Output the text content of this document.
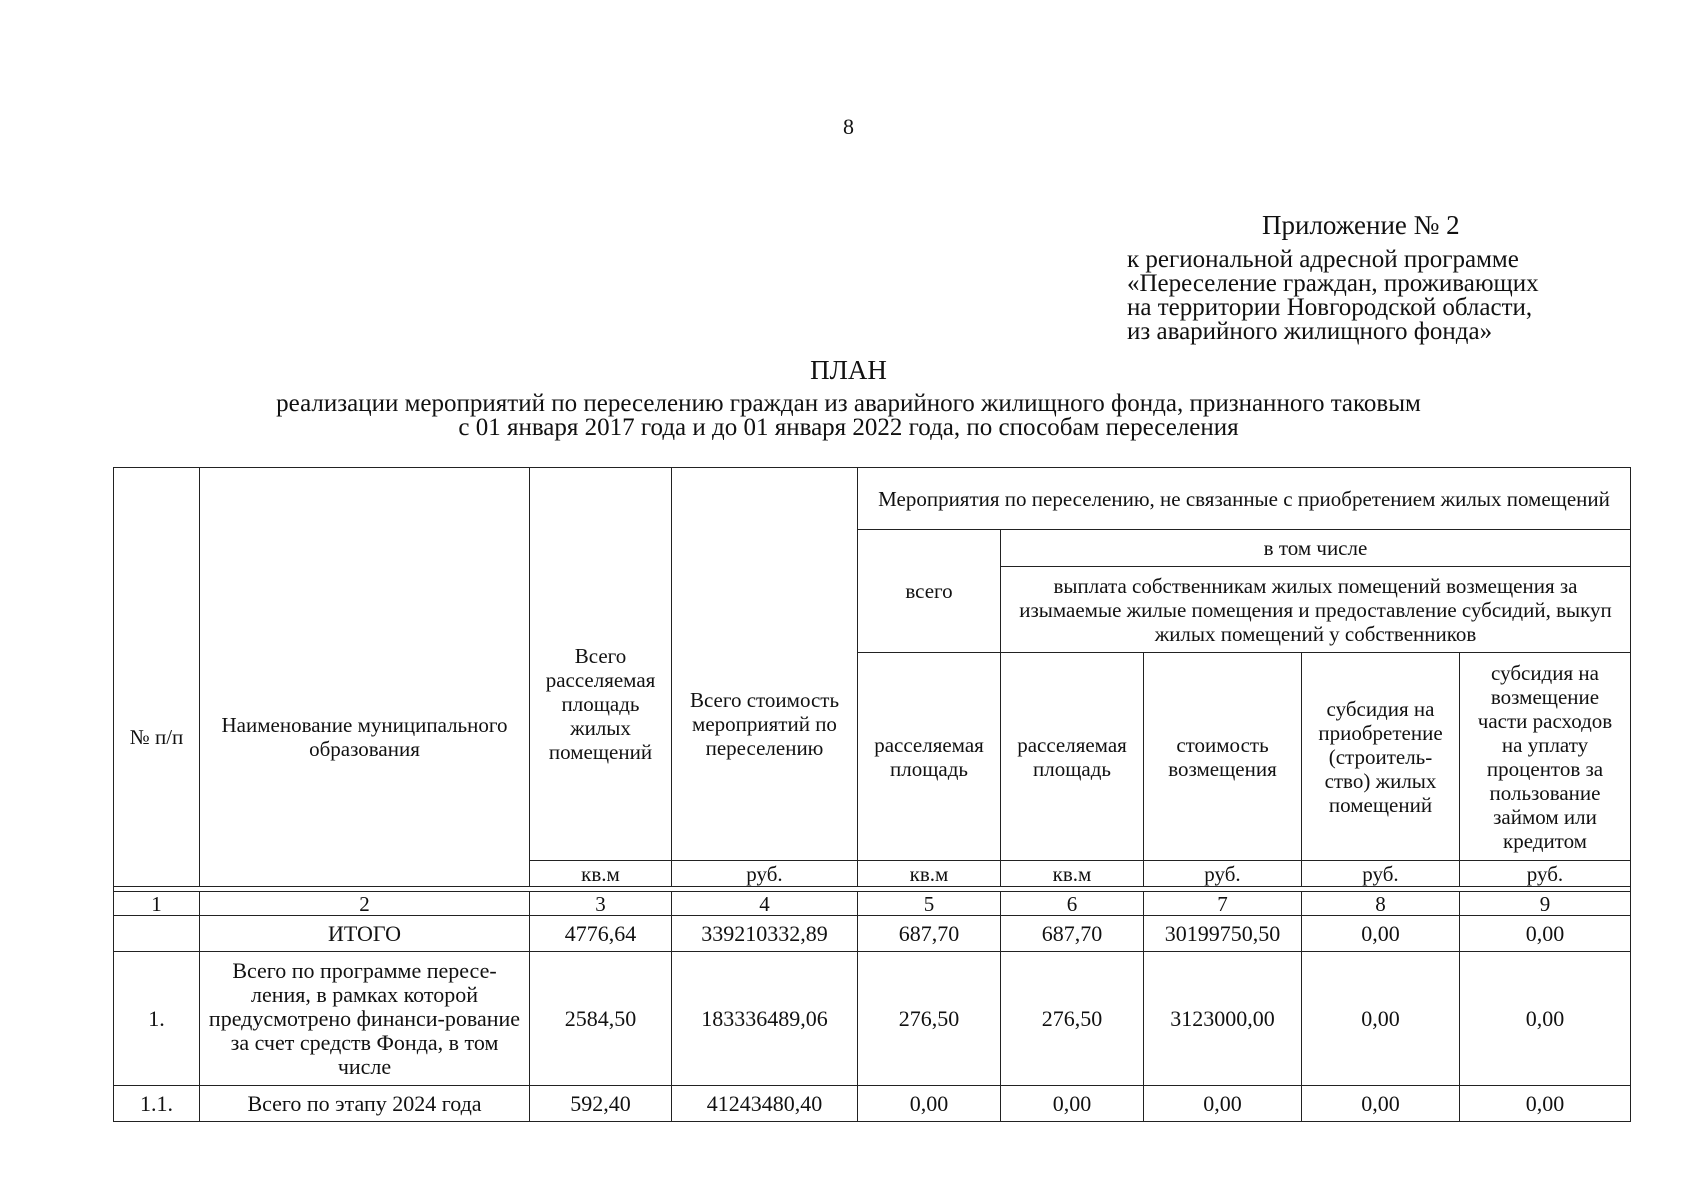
8
Приложение № 2
к региональной адресной программе
«Переселение граждан, проживающих
на территории Новгородской области,
из аварийного жилищного фонда»
ПЛАН
реализации мероприятий по переселению граждан из аварийного жилищного фонда, признанного таковым
с 01 января 2017 года и до 01 января 2022 года, по способам переселения
№ п/п	Наименование муниципального образования	Всего расселяемая площадь жилых помещений	Всего стоимость мероприятий по переселению	Мероприятия по переселению, не связанные с приобретением жилых помещений				
				всего	в том числе			
					выплата собственникам жилых помещений возмещения за изымаемые жилые помещения и предоставление субсидий, выкуп жилых помещений у собственников			
				расселяемая площадь	расселяемая площадь	стоимость возмещения	субсидия на приобретение (строитель-ство) жилых помещений	субсидия на возмещение части расходов на уплату процентов за пользование займом или кредитом
		кв.м	руб.	кв.м	кв.м	руб.	руб.	руб.

1	2	3	4	5	6	7	8	9
	ИТОГО	4776,64	339210332,89	687,70	687,70	30199750,50	0,00	0,00
1.	Всего по программе пересе-ления, в рамках которой предусмотрено финанси-рование за счет средств Фонда, в том числе	2584,50	183336489,06	276,50	276,50	3123000,00	0,00	0,00
1.1.	Всего по этапу 2024 года	592,40	41243480,40	0,00	0,00	0,00	0,00	0,00
